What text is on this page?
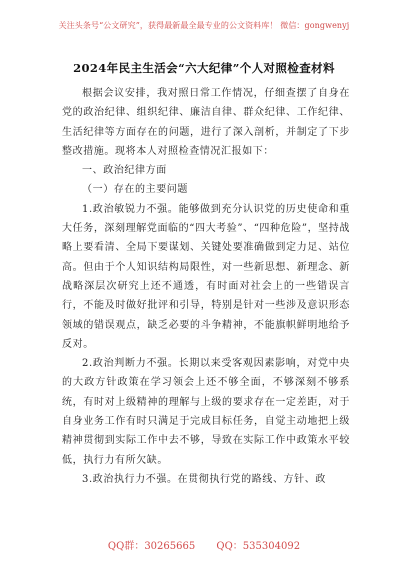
关注头条号“公文研究”，获得最新最全最专业的公文资料库！ 微信：gongwenyj
2024年民主生活会“六大纪律”个人对照检查材料

根据会议安排，我对照日常工作情况，仔细查摆了自身在党的政治纪律、组织纪律、廉洁自律、群众纪律、工作纪律、生活纪律等方面存在的问题，进行了深入剖析，并制定了下步整改措施。现将本人对照检查情况汇报如下：

一、政治纪律方面

（一）存在的主要问题

1.政治敏锐力不强。能够做到充分认识党的历史使命和重大任务，深刻理解党面临的“四大考验”、“四种危险”，坚持战略上要看清、全局下要谋划、关键处要准确做到定力足、站位高。但由于个人知识结构局限性，对一些新思想、新理念、新战略深层次研究上还不通透，有时面对社会上的一些错误言行，不能及时做好批评和引导，特别是针对一些涉及意识形态领域的错误观点，缺乏必要的斗争精神，不能旗帜鲜明地给予反对。

2.政治判断力不强。长期以来受客观因素影响，对党中央的大政方针政策在学习领会上还不够全面，不够深刻不够系统，有时对上级精神的理解与上级的要求存在一定差距，对于自身业务工作有时只满足于完成目标任务，自觉主动地把上级精神贯彻到实际工作中去不够，导致在实际工作中政策水平较低，执行力有所欠缺。

3.政治执行力不强。在贯彻执行党的路线、方针、政

QQ群：30265665 QQ：535304092
